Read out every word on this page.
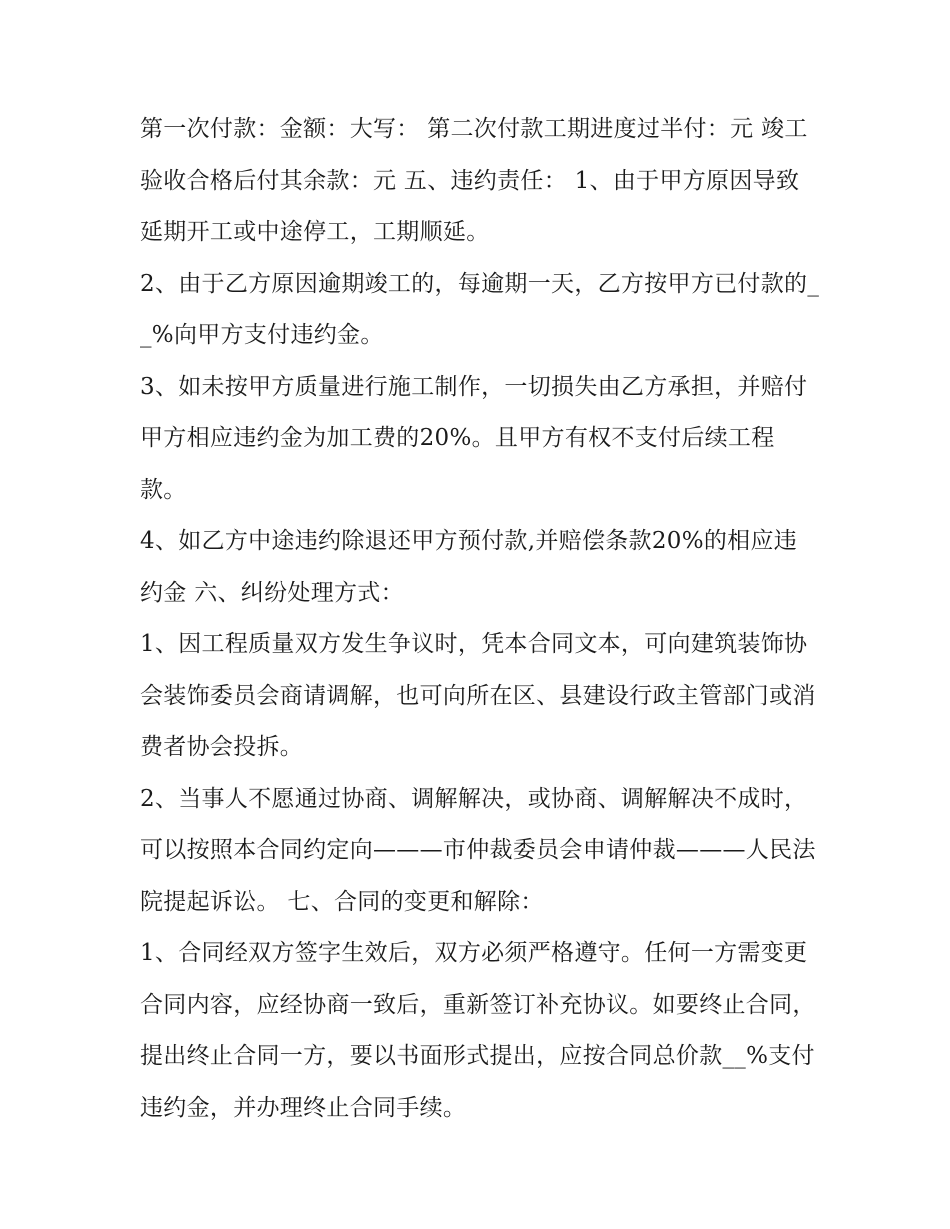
第一次付款：金额：大写： 第二次付款工期进度过半付：元 竣工验收合格后付其余款：元 五、违约责任： 1、由于甲方原因导致延期开工或中途停工，工期顺延。

2、由于乙方原因逾期竣工的，每逾期一天，乙方按甲方已付款的__%向甲方支付违约金。

3、如未按甲方质量进行施工制作，一切损失由乙方承担，并赔付甲方相应违约金为加工费的20%。且甲方有权不支付后续工程款。

4、如乙方中途违约除退还甲方预付款,并赔偿条款20%的相应违约金 六、纠纷处理方式：

1、因工程质量双方发生争议时，凭本合同文本，可向建筑装饰协会装饰委员会商请调解，也可向所在区、县建设行政主管部门或消费者协会投拆。

2、当事人不愿通过协商、调解解决，或协商、调解解决不成时，可以按照本合同约定向———市仲裁委员会申请仲裁———人民法院提起诉讼。 七、合同的变更和解除：

1、合同经双方签字生效后，双方必须严格遵守。任何一方需变更合同内容，应经协商一致后，重新签订补充协议。如要终止合同，提出终止合同一方，要以书面形式提出，应按合同总价款__%支付违约金，并办理终止合同手续。
